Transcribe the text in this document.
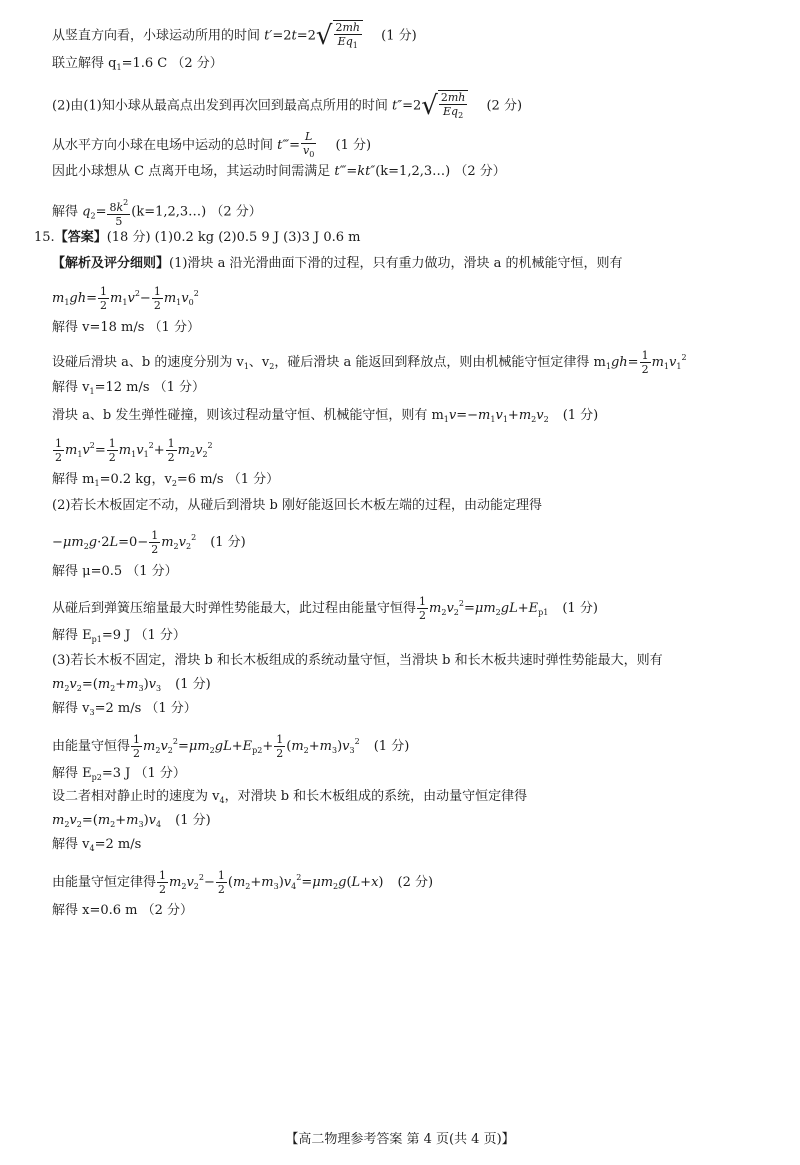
从竖直方向看，小球运动所用的时间 $t'=2t=2√ \frac{2mh}{Eq_1} (1$ 分)
联立解得 $q_1=1.6$ C （2 分）
(2)由(1)知小球从最高点出发到再次回到最高点所用的时间 $t''=2√ \frac{2mh}{Eq_2} (2$ 分)
从水平方向小球在电场中运动的总时间 t‴= $\frac{L}{v_0} (1$ 分)
因此小球想从 C 点离开电场，其运动时间需满足 t‴=kt″(k=1,2,3…) （2 分）
解得 $q_2= \frac{8k^2}{5}$ (k=1,2,3…) （2 分）
15.【答案】(18 分) (1)0.2 kg (2)0.5 9 J (3)3 J 0.6 m
【解析及评分细则】(1)滑块 a 沿光滑曲面下滑的过程，只有重力做功，滑块 a 的机械能守恒，则有
$m_1gh= \frac{1}{2} m_1v^2- \frac{1}{2} m_1v_0^2$
解得 v=18 m/s （1 分）
设碰后滑块 a、b 的速度分别为 $v_1$、$v_2$，碰后滑块 a 能返回到释放点，则由机械能守恒定律得 $m_1gh= \frac{1}{2} m_1v_1^2$
解得 $v_1=12$ m/s （1 分）
滑块 a、b 发生弹性碰撞，则该过程动量守恒、机械能守恒，则有 $m_1v=-m_1v_1+m_2v_2$ (1 分)
$\frac{1}{2} m_1v^2= \frac{1}{2} m_1v_1^2+ \frac{1}{2} m_2v_2^2$
解得 $m_1=0.2$ kg，$v_2=6$ m/s （1 分）
(2)若长木板固定不动，从碰后到滑块 b 刚好能返回长木板左端的过程，由动能定理得
$-\mu m_2g\cdot 2L=0- \frac{1}{2} m_2v_2^2$ (1 分)
解得 μ=0.5 （1 分）
从碰后到弹簧压缩量最大时弹性势能最大，此过程由能量守恒得 $\frac{1}{2} m_2v_2^2=\mu m_2gL+E_{p1}$ (1 分)
解得 $E_{p1}=9$ J （1 分）
(3)若长木板不固定，滑块 b 和长木板组成的系统动量守恒，当滑块 b 和长木板共速时弹性势能最大，则有
$m_2v_2=(m_2+m_3)v_3$ (1 分)
解得 $v_3=2$ m/s （1 分）
由能量守恒得 $\frac{1}{2} m_2v_2^2=\mu m_2gL+E_{p2}+ \frac{1}{2} (m_2+m_3)v_3^2$ (1 分)
解得 $E_{p2}=3$ J （1 分）
设二者相对静止时的速度为 $v_4$，对滑块 b 和长木板组成的系统，由动量守恒定律得
$m_2v_2=(m_2+m_3)v_4$ (1 分)
解得 $v_4=2$ m/s
由能量守恒定律得 $\frac{1}{2} m_2v_2^2- \frac{1}{2} (m_2+m_3)v_4^2=\mu m_2g(L+x)$ (2 分)
解得 x=0.6 m （2 分）
【高二物理参考答案 第 4 页(共 4 页)】
